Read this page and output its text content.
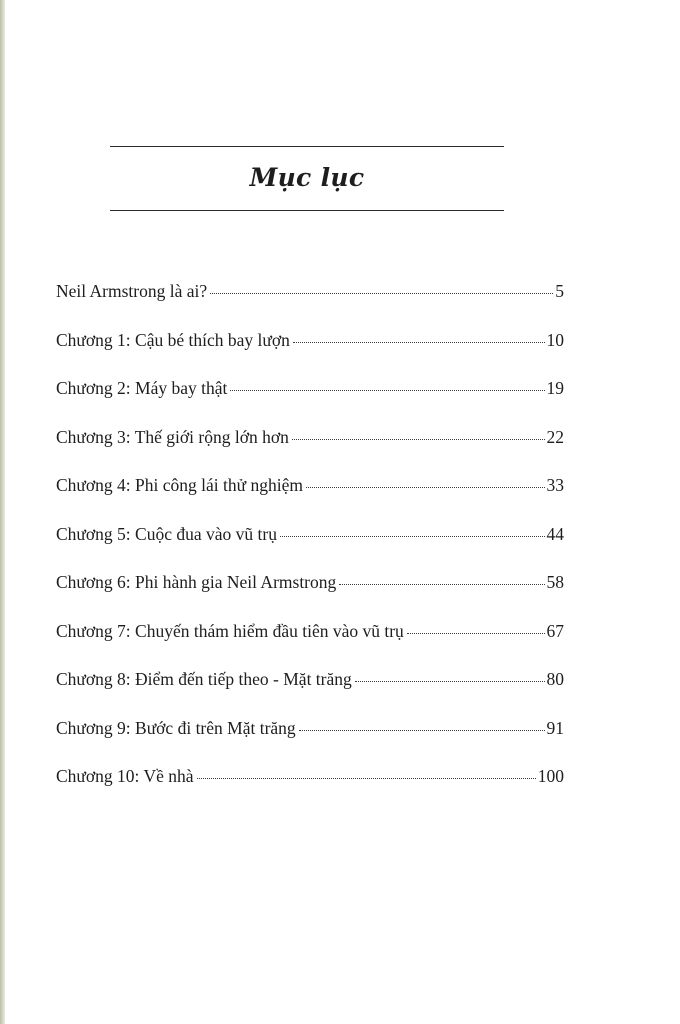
Mục lục
Neil Armstrong là ai?	5
Chương 1: Cậu bé thích bay lượn	10
Chương 2: Máy bay thật	19
Chương 3: Thế giới rộng lớn hơn	22
Chương 4: Phi công lái thử nghiệm	33
Chương 5: Cuộc đua vào vũ trụ	44
Chương 6: Phi hành gia Neil Armstrong	58
Chương 7: Chuyến thám hiểm đầu tiên vào vũ trụ	67
Chương 8: Điểm đến tiếp theo - Mặt trăng	80
Chương 9: Bước đi trên Mặt trăng	91
Chương 10: Về nhà	100
